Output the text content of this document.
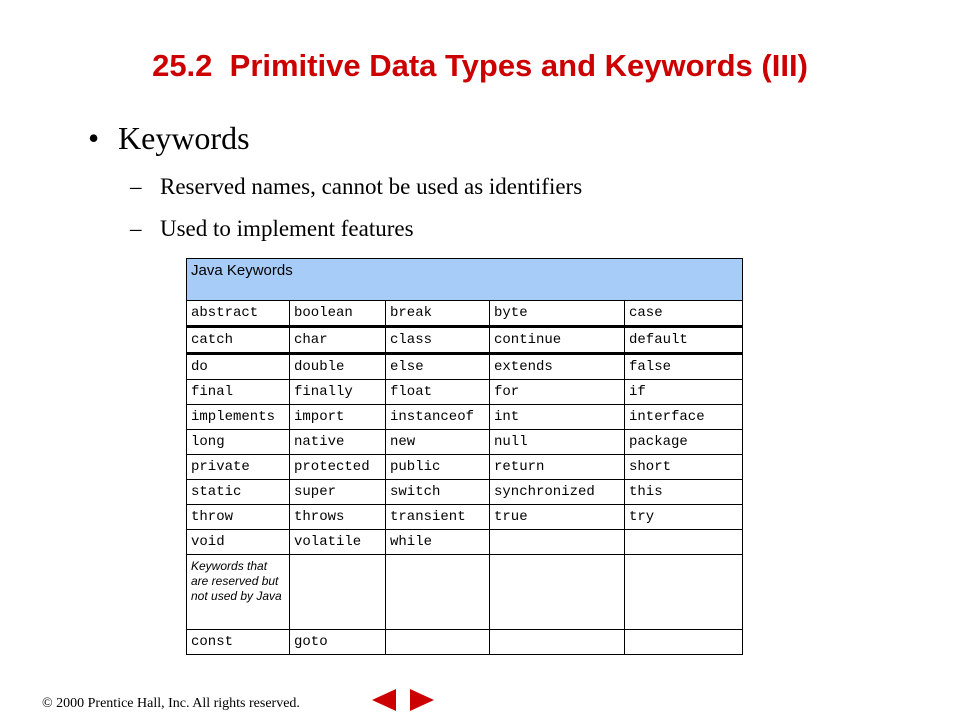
25.2  Primitive Data Types and Keywords (III)
• Keywords
– Reserved names, cannot be used as identifiers
– Used to implement features
Java Keywords				
abstract	boolean	break	byte	case
catch	char	class	continue	default
do	double	else	extends	false
final	finally	float	for	if
implements	import	instanceof	int	interface
long	native	new	null	package
private	protected	public	return	short
static	super	switch	synchronized	this
throw	throws	transient	true	try
void	volatile	while		
Keywords that are reserved but not used by Java				
const	goto			
© 2000 Prentice Hall, Inc. All rights reserved.
